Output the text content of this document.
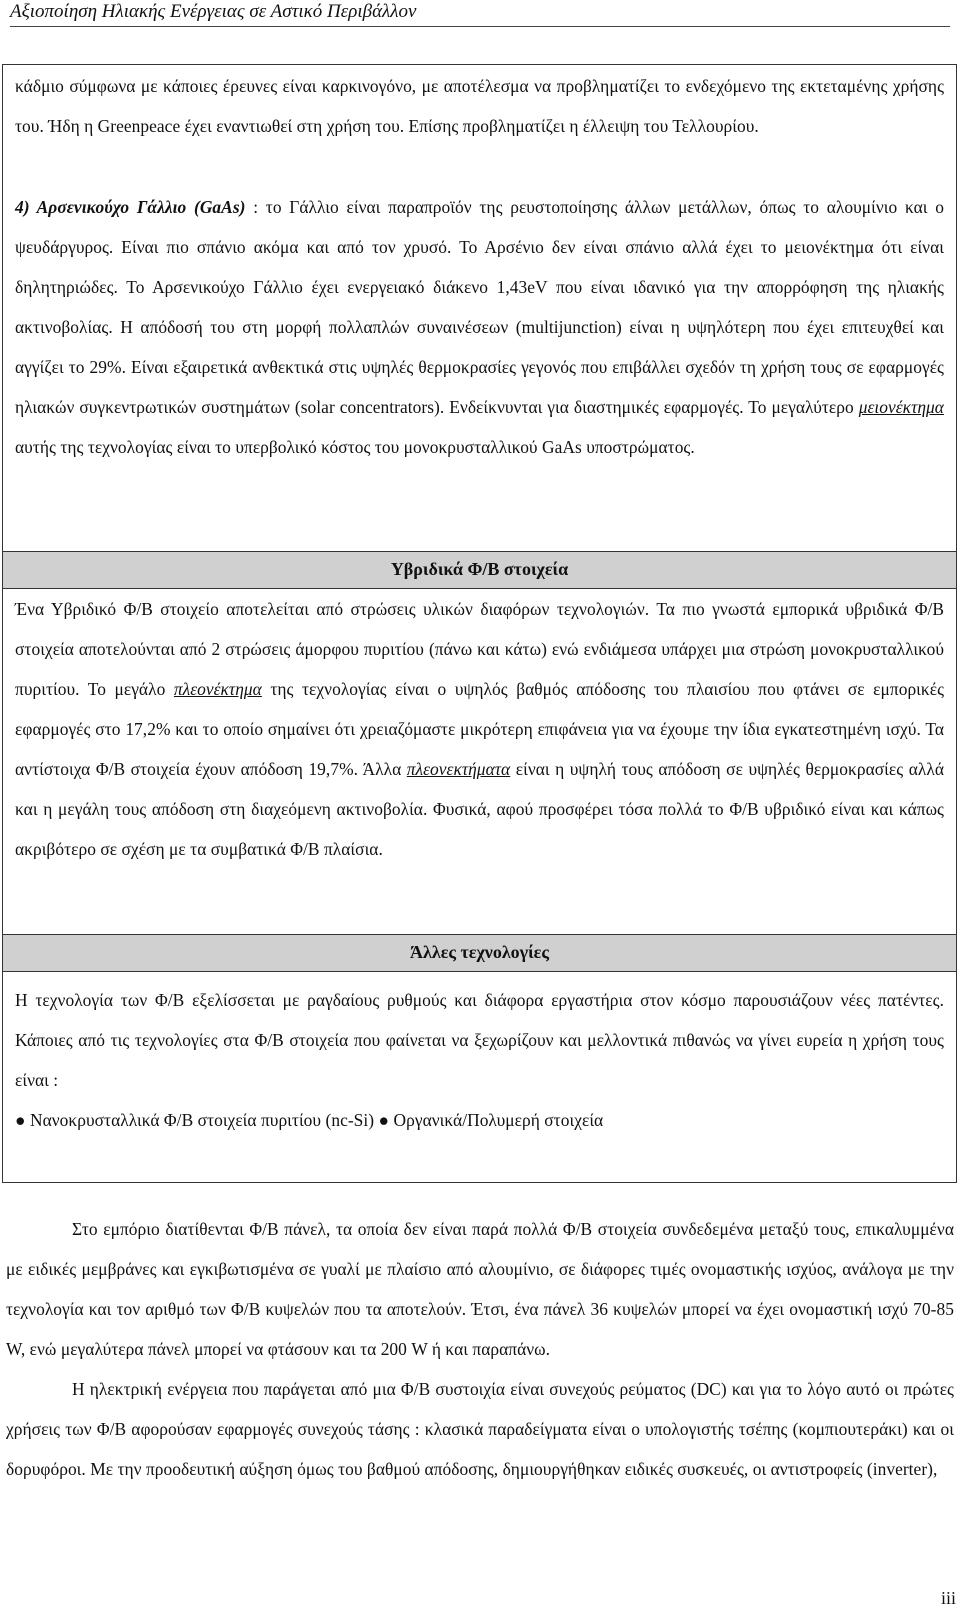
Αξιοποίηση Ηλιακής Ενέργειας σε Αστικό Περιβάλλον

κάδμιο σύμφωνα με κάποιες έρευνες είναι καρκινογόνο, με αποτέλεσμα να προβληματίζει το ενδεχόμενο της εκτεταμένης χρήσης του. Ήδη η Greenpeace έχει εναντιωθεί στη χρήση του. Επίσης προβληματίζει η έλλειψη του Τελλουρίου.

4) Αρσενικούχο Γάλλιο (GaAs) : το Γάλλιο είναι παραπροϊόν της ρευστοποίησης άλλων μετάλλων, όπως το αλουμίνιο και ο ψευδάργυρος. Είναι πιο σπάνιο ακόμα και από τον χρυσό. Το Αρσένιο δεν είναι σπάνιο αλλά έχει το μειονέκτημα ότι είναι δηλητηριώδες. Το Αρσενικούχο Γάλλιο έχει ενεργειακό διάκενο 1,43eV που είναι ιδανικό για την απορρόφηση της ηλιακής ακτινοβολίας. Η απόδοσή του στη μορφή πολλαπλών συναινέσεων (multijunction) είναι η υψηλότερη που έχει επιτευχθεί και αγγίζει το 29%. Είναι εξαιρετικά ανθεκτικά στις υψηλές θερμοκρασίες γεγονός που επιβάλλει σχεδόν τη χρήση τους σε εφαρμογές ηλιακών συγκεντρωτικών συστημάτων (solar concentrators). Ενδείκνυνται για διαστημικές εφαρμογές. Το μεγαλύτερο μειονέκτημα αυτής της τεχνολογίας είναι το υπερβολικό κόστος του μονοκρυσταλλικού GaAs υποστρώματος.

Υβριδικά Φ/Β στοιχεία

Ένα Υβριδικό Φ/Β στοιχείο αποτελείται από στρώσεις υλικών διαφόρων τεχνολογιών. Τα πιο γνωστά εμπορικά υβριδικά Φ/Β στοιχεία αποτελούνται από 2 στρώσεις άμορφου πυριτίου (πάνω και κάτω) ενώ ενδιάμεσα υπάρχει μια στρώση μονοκρυσταλλικού πυριτίου. Το μεγάλο πλεονέκτημα της τεχνολογίας είναι ο υψηλός βαθμός απόδοσης του πλαισίου που φτάνει σε εμπορικές εφαρμογές στο 17,2% και το οποίο σημαίνει ότι χρειαζόμαστε μικρότερη επιφάνεια για να έχουμε την ίδια εγκατεστημένη ισχύ. Τα αντίστοιχα Φ/Β στοιχεία έχουν απόδοση 19,7%. Άλλα πλεονεκτήματα είναι η υψηλή τους απόδοση σε υψηλές θερμοκρασίες αλλά και η μεγάλη τους απόδοση στη διαχεόμενη ακτινοβολία. Φυσικά, αφού προσφέρει τόσα πολλά το Φ/Β υβριδικό είναι και κάπως ακριβότερο σε σχέση με τα συμβατικά Φ/Β πλαίσια.

Άλλες τεχνολογίες

Η τεχνολογία των Φ/Β εξελίσσεται με ραγδαίους ρυθμούς και διάφορα εργαστήρια στον κόσμο παρουσιάζουν νέες πατέντες. Κάποιες από τις τεχνολογίες στα Φ/Β στοιχεία που φαίνεται να ξεχωρίζουν και μελλοντικά πιθανώς να γίνει ευρεία η χρήση τους είναι :

● Νανοκρυσταλλικά Φ/Β στοιχεία πυριτίου (nc-Si) ● Οργανικά/Πολυμερή στοιχεία

Στο εμπόριο διατίθενται Φ/Β πάνελ, τα οποία δεν είναι παρά πολλά Φ/Β στοιχεία συνδεδεμένα μεταξύ τους, επικαλυμμένα με ειδικές μεμβράνες και εγκιβωτισμένα σε γυαλί με πλαίσιο από αλουμίνιο, σε διάφορες τιμές ονομαστικής ισχύος, ανάλογα με την τεχνολογία και τον αριθμό των Φ/Β κυψελών που τα αποτελούν. Έτσι, ένα πάνελ 36 κυψελών μπορεί να έχει ονομαστική ισχύ 70-85 W, ενώ μεγαλύτερα πάνελ μπορεί να φτάσουν και τα 200 W ή και παραπάνω.

Η ηλεκτρική ενέργεια που παράγεται από μια Φ/Β συστοιχία είναι συνεχούς ρεύματος (DC) και για το λόγο αυτό οι πρώτες χρήσεις των Φ/Β αφορούσαν εφαρμογές συνεχούς τάσης : κλασικά παραδείγματα είναι ο υπολογιστής τσέπης (κομπιουτεράκι) και οι δορυφόροι. Με την προοδευτική αύξηση όμως του βαθμού απόδοσης, δημιουργήθηκαν ειδικές συσκευές, οι αντιστροφείς (inverter),

iii
